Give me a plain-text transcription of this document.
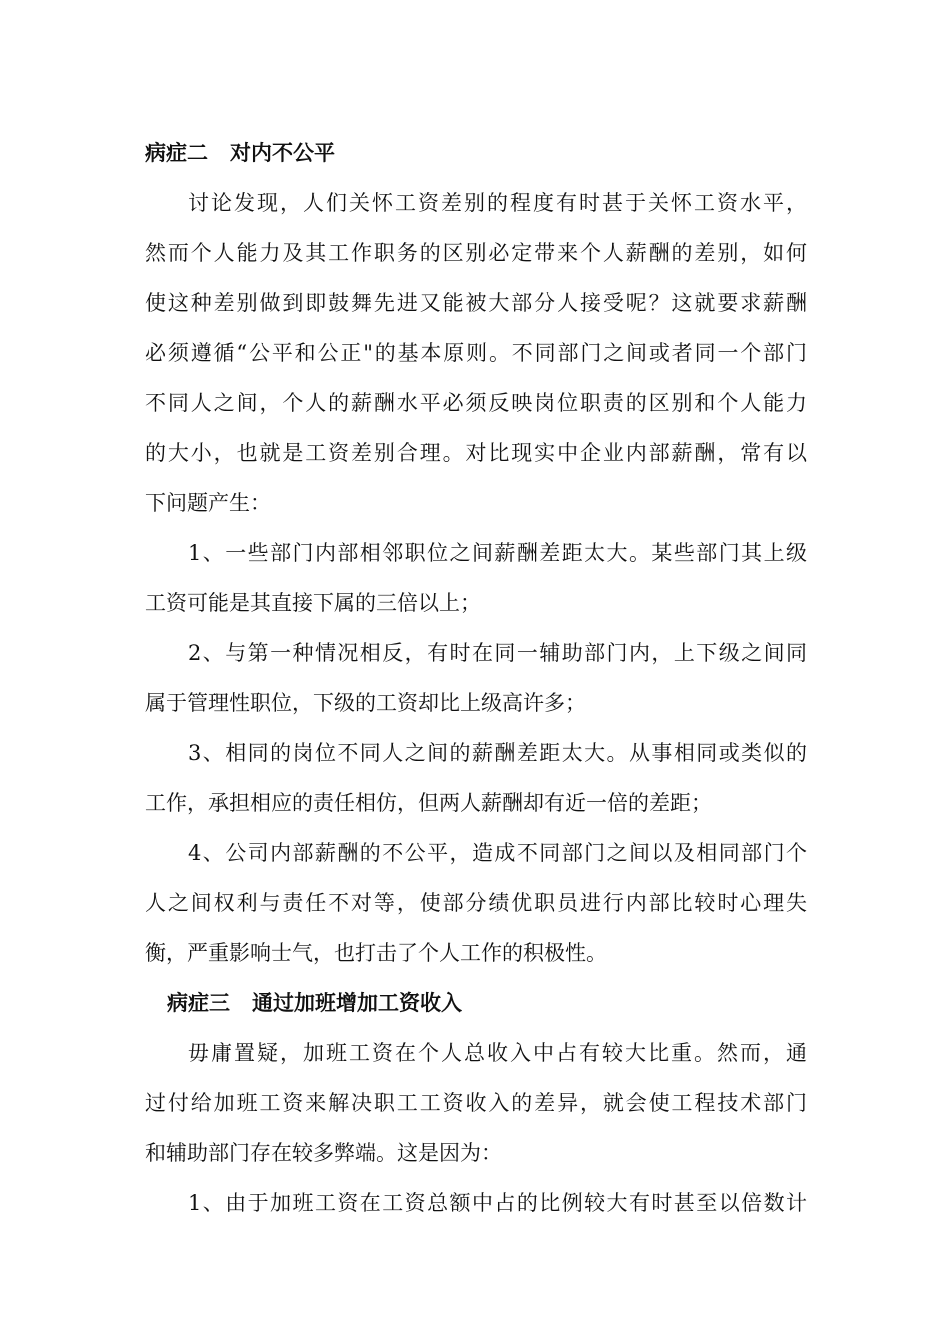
病症二 对内不公平
讨论发现，人们关怀工资差别的程度有时甚于关怀工资水平，
然而个人能力及其工作职务的区别必定带来个人薪酬的差别，如何
使这种差别做到即鼓舞先进又能被大部分人接受呢？这就要求薪酬
必须遵循“公平和公正"的基本原则。不同部门之间或者同一个部门
不同人之间，个人的薪酬水平必须反映岗位职责的区别和个人能力
的大小，也就是工资差别合理。对比现实中企业内部薪酬，常有以
下问题产生：
1、一些部门内部相邻职位之间薪酬差距太大。某些部门其上级
工资可能是其直接下属的三倍以上；
2、与第一种情况相反，有时在同一辅助部门内，上下级之间同
属于管理性职位，下级的工资却比上级高许多；
3、相同的岗位不同人之间的薪酬差距太大。从事相同或类似的
工作，承担相应的责任相仿，但两人薪酬却有近一倍的差距；
4、公司内部薪酬的不公平，造成不同部门之间以及相同部门个
人之间权利与责任不对等，使部分绩优职员进行内部比较时心理失
衡，严重影响士气，也打击了个人工作的积极性。
病症三 通过加班增加工资收入
毋庸置疑，加班工资在个人总收入中占有较大比重。然而，通
过付给加班工资来解决职工工资收入的差异，就会使工程技术部门
和辅助部门存在较多弊端。这是因为：
1、由于加班工资在工资总额中占的比例较大有时甚至以倍数计
